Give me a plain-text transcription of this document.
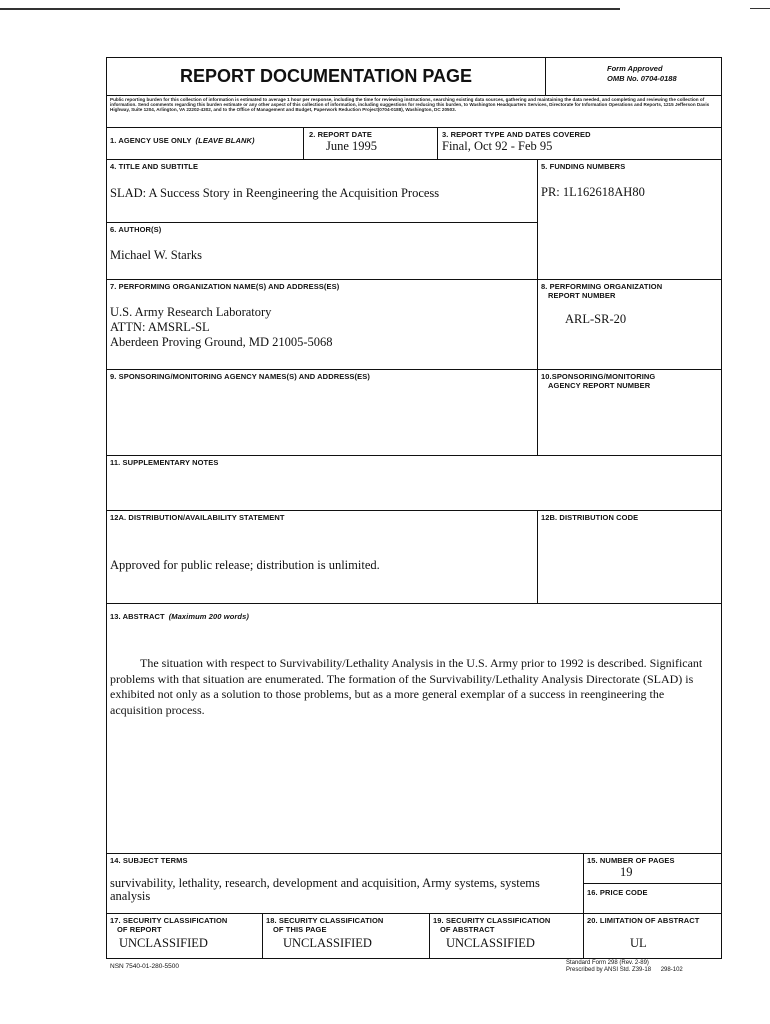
REPORT DOCUMENTATION PAGE	Form Approved
OMB No. 0704-0188
Public reporting burden for this collection of information is estimated to average 1 hour per response, including the time for reviewing instructions, searching existing data sources, gathering and maintaining the data needed, and completing and reviewing the collection of information. Send comments regarding this burden estimate or any other aspect of this collection of information, including suggestions for reducing this burden, to Washington Headquarters Services, Directorate for Information Operations and Reports, 1215 Jefferson Davis Highway, Suite 1204, Arlington, VA 22202-4302, and to the Office of Management and Budget, Paperwork Reduction Project(0704-0188), Washington, DC 20503.
1. AGENCY USE ONLY (LEAVE BLANK)
2. REPORT DATE
June 1995
3. REPORT TYPE AND DATES COVERED
Final, Oct 92 - Feb 95
4. TITLE AND SUBTITLE
SLAD: A Success Story in Reengineering the Acquisition Process
5. FUNDING NUMBERS
PR: 1L162618AH80
6. AUTHOR(S)
Michael W. Starks
7. PERFORMING ORGANIZATION NAME(S) AND ADDRESS(ES)
U.S. Army Research Laboratory
ATTN: AMSRL-SL
Aberdeen Proving Ground, MD 21005-5068
8. PERFORMING ORGANIZATION
REPORT NUMBER
ARL-SR-20
9. SPONSORING/MONITORING AGENCY NAMES(S) AND ADDRESS(ES)	10.SPONSORING/MONITORING
AGENCY REPORT NUMBER
11. SUPPLEMENTARY NOTES
12A. DISTRIBUTION/AVAILABILITY STATEMENT
Approved for public release; distribution is unlimited.
12B. DISTRIBUTION CODE
13. ABSTRACT (Maximum 200 words)
The situation with respect to Survivability/Lethality Analysis in the U.S. Army prior to 1992 is described. Significant problems with that situation are enumerated. The formation of the Survivability/Lethality Analysis Directorate (SLAD) is exhibited not only as a solution to those problems, but as a more general exemplar of a success in reengineering the acquisition process.
14. SUBJECT TERMS
survivability, lethality, research, development and acquisition, Army systems, systems analysis
15. NUMBER OF PAGES
19
16. PRICE CODE
17. SECURITY CLASSIFICATION
OF REPORT
UNCLASSIFIED
18. SECURITY CLASSIFICATION
OF THIS PAGE
UNCLASSIFIED
19. SECURITY CLASSIFICATION
OF ABSTRACT
UNCLASSIFIED
20. LIMITATION OF ABSTRACT
UL
NSN 7540-01-280-5500	Standard Form 298 (Rev. 2-89)
Prescribed by ANSI Std. Z39-18 298-102
